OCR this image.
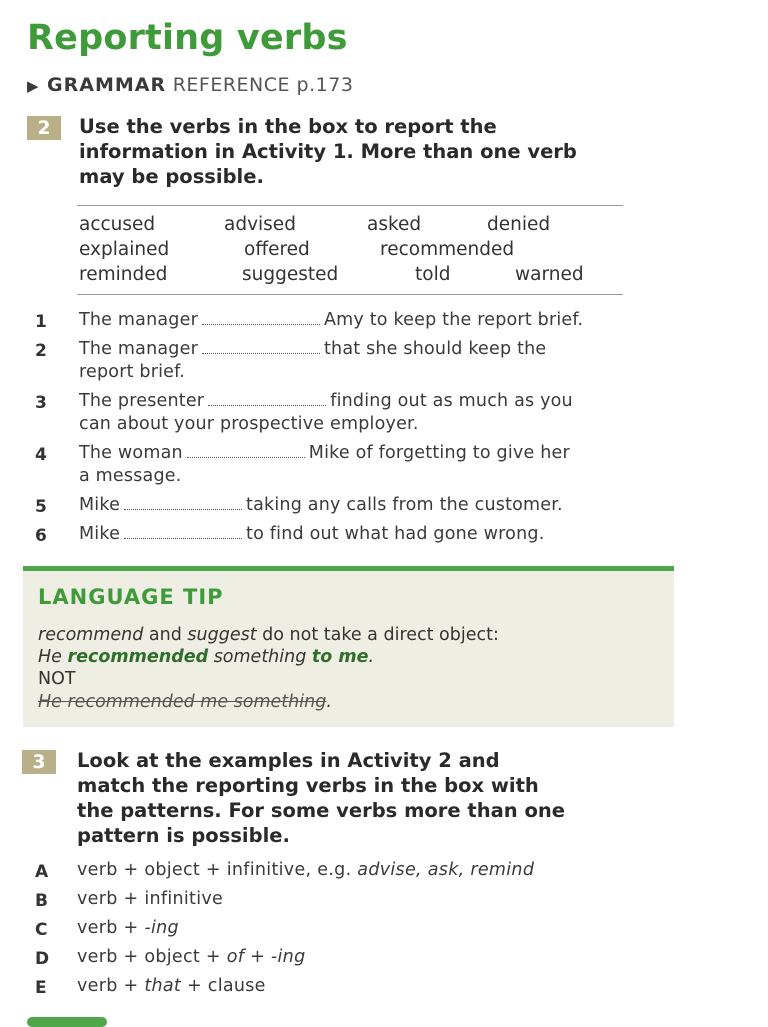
Reporting verbs
▶ GRAMMAR REFERENCE p.173
2	Use the verbs in the box to report the
information in Activity 1. More than one verb
may be possible.
accused	advised	asked	denied
explained	offered	recommended
reminded	suggested	told	warned
1 The manager	Amy to keep the report brief.
2 The manager	that she should keep the
report brief.
3 The presenter	finding out as much as you
can about your prospective employer.
4 The woman	Mike of forgetting to give her
a message.
5 Mike	taking any calls from the customer.
6 Mike	to find out what had gone wrong.
LANGUAGE TIP
recommend and suggest do not take a direct object:
He recommended something to me.
NOT
He recommended me something.
3	Look at the examples in Activity 2 and
match the reporting verbs in the box with
the patterns. For some verbs more than one
pattern is possible.
A verb + object + infinitive, e.g. advise, ask, remind
B verb + infinitive
C verb + -ing
D verb + object + of + -ing
E verb + that + clause
